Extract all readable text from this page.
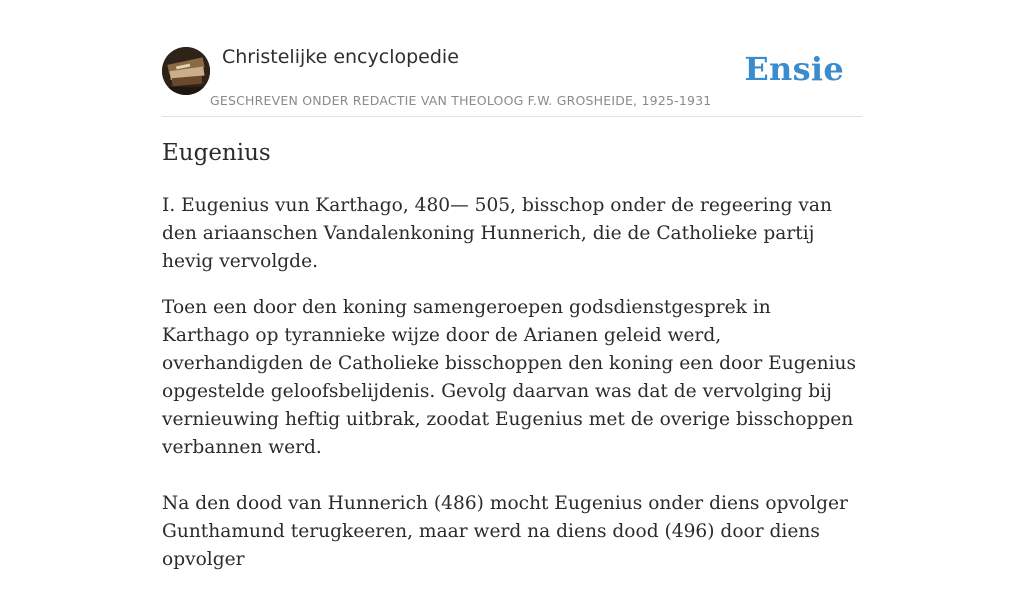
Christelijke encyclopedie
GESCHREVEN ONDER REDACTIE VAN THEOLOOG F.W. GROSHEIDE, 1925-1931
Ensie
Eugenius

I. Eugenius vun Karthago, 480— 505, bisschop onder de regeering van den ariaanschen Vandalenkoning Hunnerich, die de Catholieke partij hevig vervolgde.

Toen een door den koning samengeroepen godsdienstgesprek in Karthago op tyrannieke wijze door de Arianen geleid werd, overhandigden de Catholieke bisschoppen den koning een door Eugenius opgestelde geloofsbelijdenis. Gevolg daarvan was dat de vervolging bij vernieuwing heftig uitbrak, zoodat Eugenius met de overige bisschoppen verbannen werd.

Na den dood van Hunnerich (486) mocht Eugenius onder diens opvolger Gunthamund terugkeeren, maar werd na diens dood (496) door diens opvolger
